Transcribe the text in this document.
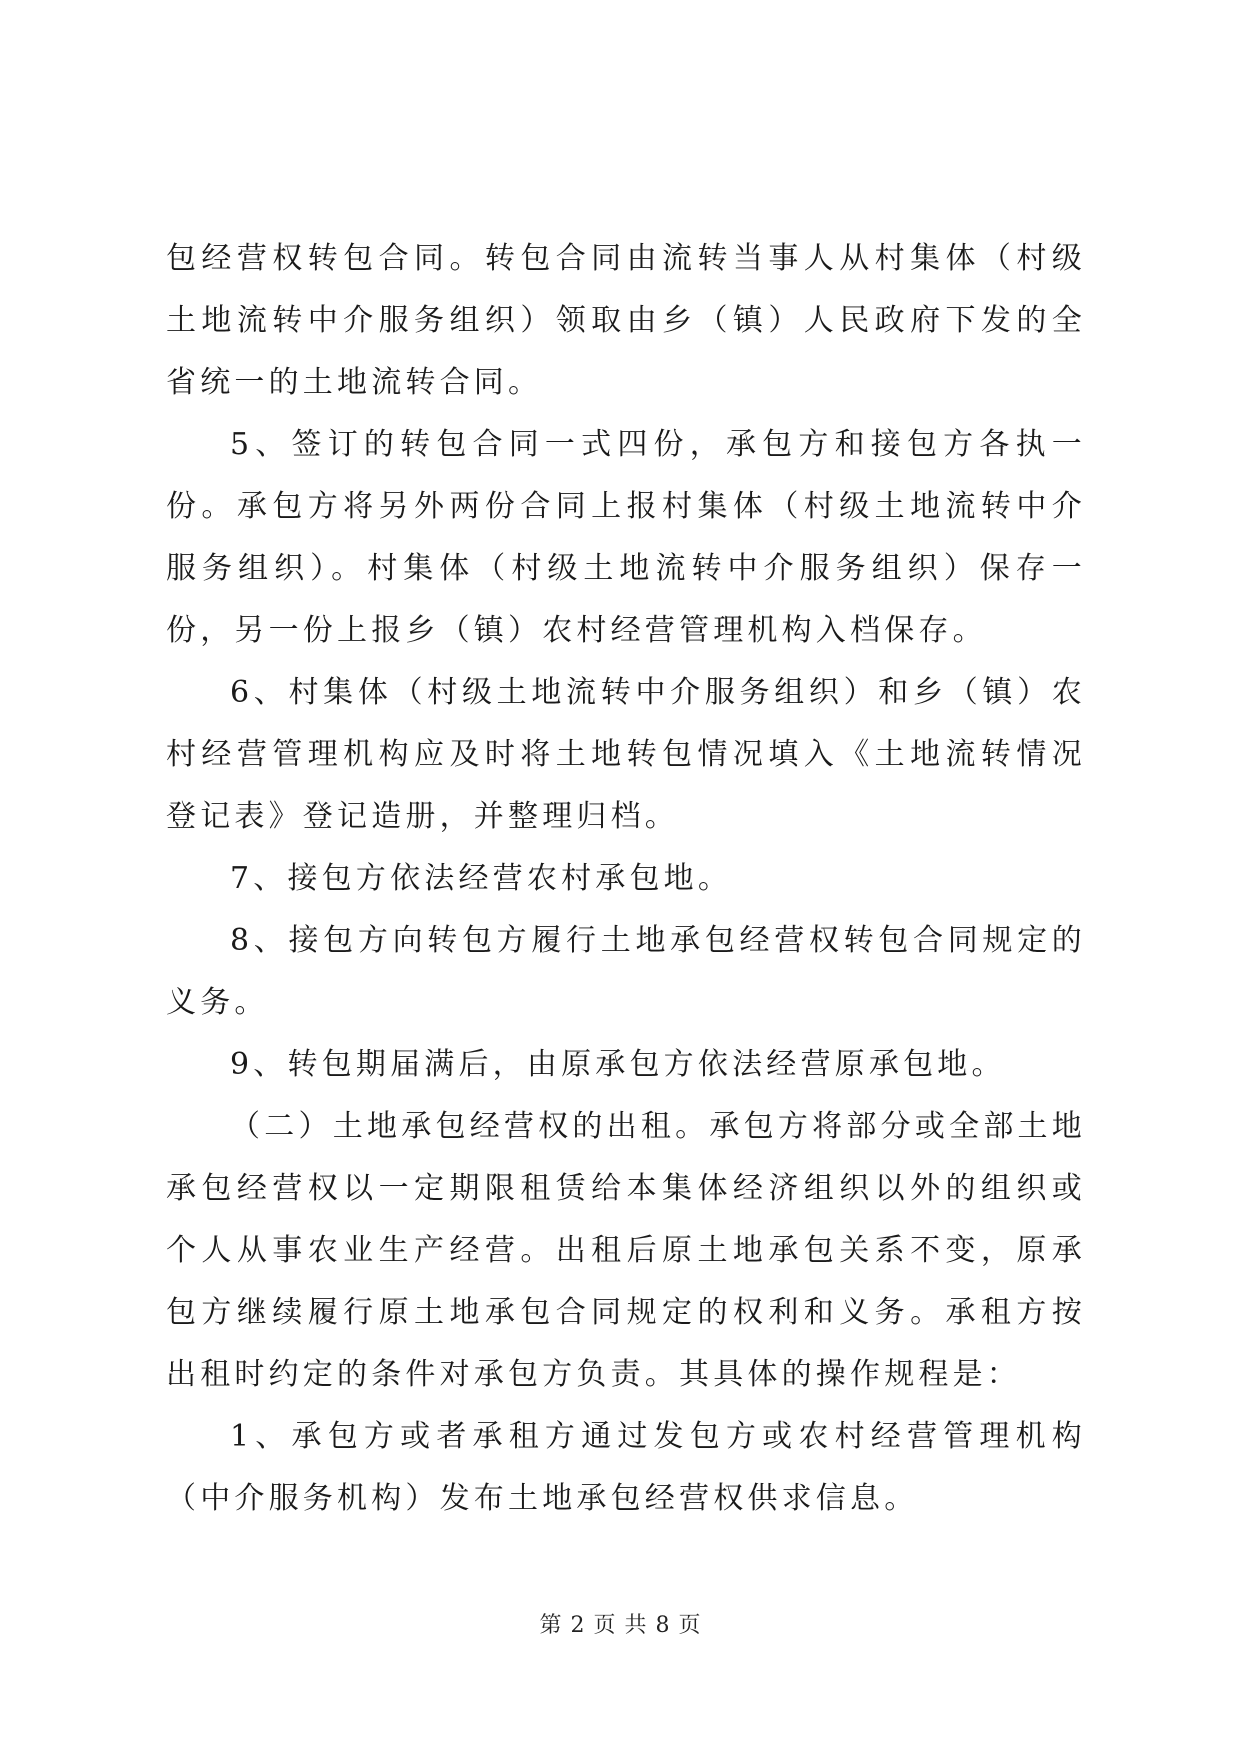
包经营权转包合同。转包合同由流转当事人从村集体（村级土地流转中介服务组织）领取由乡（镇）人民政府下发的全省统一的土地流转合同。

5、签订的转包合同一式四份，承包方和接包方各执一份。承包方将另外两份合同上报村集体（村级土地流转中介服务组织）。村集体（村级土地流转中介服务组织）保存一份，另一份上报乡（镇）农村经营管理机构入档保存。

6、村集体（村级土地流转中介服务组织）和乡（镇）农村经营管理机构应及时将土地转包情况填入《土地流转情况登记表》登记造册，并整理归档。

7、接包方依法经营农村承包地。

8、接包方向转包方履行土地承包经营权转包合同规定的义务。

9、转包期届满后，由原承包方依法经营原承包地。

（二）土地承包经营权的出租。承包方将部分或全部土地承包经营权以一定期限租赁给本集体经济组织以外的组织或个人从事农业生产经营。出租后原土地承包关系不变，原承包方继续履行原土地承包合同规定的权利和义务。承租方按出租时约定的条件对承包方负责。其具体的操作规程是：

1、承包方或者承租方通过发包方或农村经营管理机构（中介服务机构）发布土地承包经营权供求信息。

第 2 页 共 8 页
